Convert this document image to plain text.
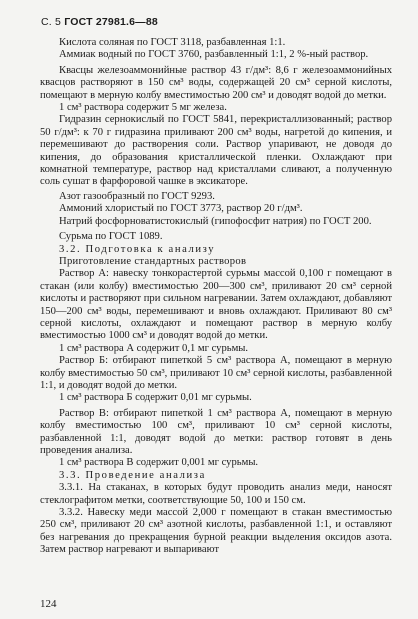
С. 5 ГОСТ 27981.6—88

Кислота соляная по ГОСТ 3118, разбавленная 1:1.

Аммиак водный по ГОСТ 3760, разбавленный 1:1, 2 %-ный раствор.

Квасцы железоаммонийные раствор 43 г/дм³: 8,6 г железоаммонийных квасцов растворяют в 150 см³ воды, содержащей 20 см³ серной кислоты, помещают в мерную колбу вместимостью 200 см³ и доводят водой до метки.

1 см³ раствора содержит 5 мг железа.

Гидразин сернокислый по ГОСТ 5841, перекристаллизованный; раствор 50 г/дм³: к 70 г гидразина приливают 200 см³ воды, нагретой до кипения, и перемешивают до растворения соли. Раствор упаривают, не доводя до кипения, до образования кристаллической пленки. Охлаждают при комнатной температуре, раствор над кристаллами сливают, а полученную соль сушат в фарфоровой чашке в эксикаторе.

Азот газообразный по ГОСТ 9293.

Аммоний хлористый по ГОСТ 3773, раствор 20 г/дм³.

Натрий фосфорноватистокислый (гипофосфит натрия) по ГОСТ 200.

Сурьма по ГОСТ 1089.

3.2. Подготовка к анализу

Приготовление стандартных растворов

Раствор А: навеску тонкорастертой сурьмы массой 0,100 г помещают в стакан (или колбу) вместимостью 200—300 см³, приливают 20 см³ серной кислоты и растворяют при сильном нагревании. Затем охлаждают, добавляют 150—200 см³ воды, перемешивают и вновь охлаждают. Приливают 80 см³ серной кислоты, охлаждают и помещают раствор в мерную колбу вместимостью 1000 см³ и доводят водой до метки.

1 см³ раствора А содержит 0,1 мг сурьмы.

Раствор Б: отбирают пипеткой 5 см³ раствора А, помещают в мерную колбу вместимостью 50 см³, приливают 10 см³ серной кислоты, разбавленной 1:1, и доводят водой до метки.

1 см³ раствора Б содержит 0,01 мг сурьмы.

Раствор В: отбирают пипеткой 1 см³ раствора А, помещают в мерную колбу вместимостью 100 см³, приливают 10 см³ серной кислоты, разбавленной 1:1, доводят водой до метки: раствор готовят в день проведения анализа.

1 см³ раствора В содержит 0,001 мг сурьмы.

3.3. Проведение анализа

3.3.1. На стаканах, в которых будут проводить анализ меди, наносят стеклографитом метки, соответствующие 50, 100 и 150 см.

3.3.2. Навеску меди массой 2,000 г помещают в стакан вместимостью 250 см³, приливают 20 см³ азотной кислоты, разбавленной 1:1, и оставляют без нагревания до прекращения бурной реакции выделения оксидов азота. Затем раствор нагревают и выпаривают

124
